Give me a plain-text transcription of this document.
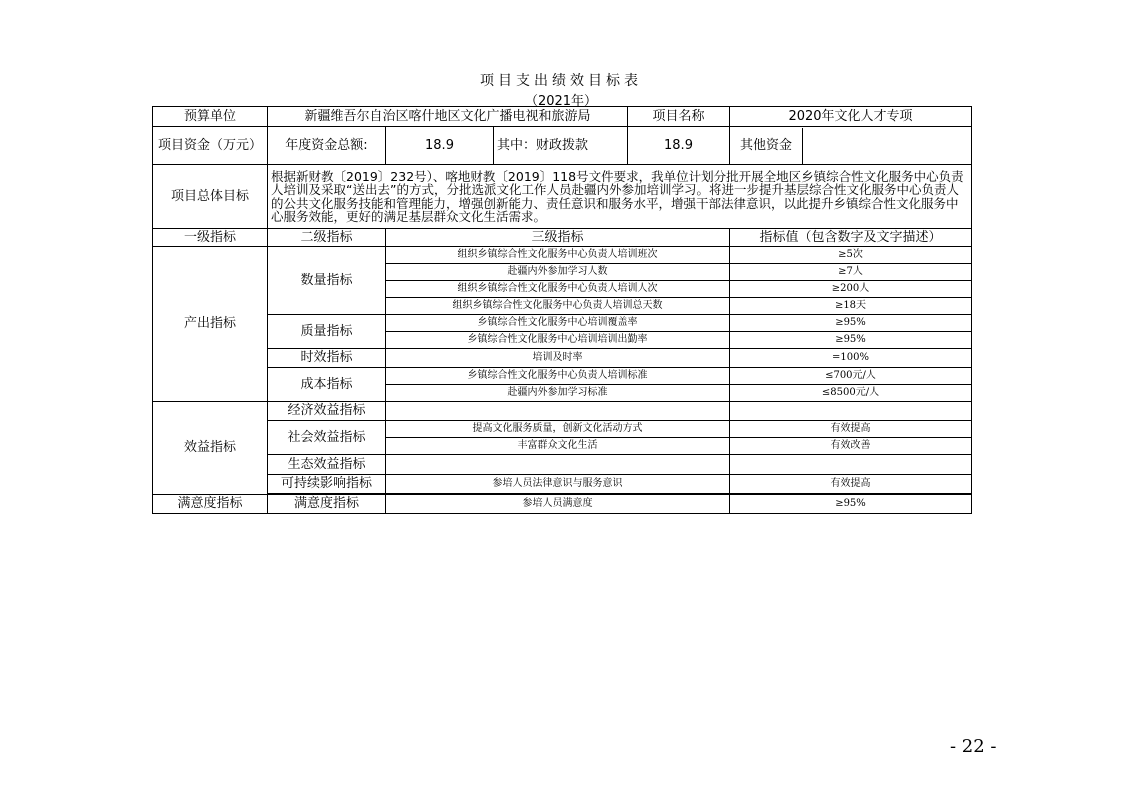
项目支出绩效目标表
（2021年）
预算单位	新疆维吾尔自治区喀什地区文化广播电视和旅游局			项目名称	2020年文化人才专项
项目资金（万元）	年度资金总额:	18.9	其中：财政拨款	18.9	其他资金

项目总体目标	根据新财教〔2019〕232号）、喀地财教〔2019〕118号文件要求，我单位计划分批开展全地区乡镇综合性文化服务中心负责人培训及采取“送出去”的方式，分批选派文化工作人员赴疆内外参加培训学习。将进一步提升基层综合性文化服务中心负责人的公共文化服务技能和管理能力，增强创新能力、责任意识和服务水平，增强干部法律意识，以此提升乡镇综合性文化服务中心服务效能，更好的满足基层群众文化生活需求。				
一级指标	二级指标	三级指标			指标值（包含数字及文字描述）
产出指标	数量指标	组织乡镇综合性文化服务中心负责人培训班次			≥5次
		赴疆内外参加学习人数			≥7人
		组织乡镇综合性文化服务中心负责人培训人次			≥200人
		组织乡镇综合性文化服务中心负责人培训总天数			≥18天
	质量指标	乡镇综合性文化服务中心培训覆盖率			≥95%
		乡镇综合性文化服务中心培训培训出勤率			≥95%
	时效指标	培训及时率			=100%
	成本指标	乡镇综合性文化服务中心负责人培训标准			≤700元/人
		赴疆内外参加学习标准			≤8500元/人
效益指标	经济效益指标				
	社会效益指标	提高文化服务质量，创新文化活动方式			有效提高
		丰富群众文化生活			有效改善
	生态效益指标				
	可持续影响指标	参培人员法律意识与服务意识			有效提高

满意度指标	满意度指标	参培人员满意度			≥95%
- 22 -
